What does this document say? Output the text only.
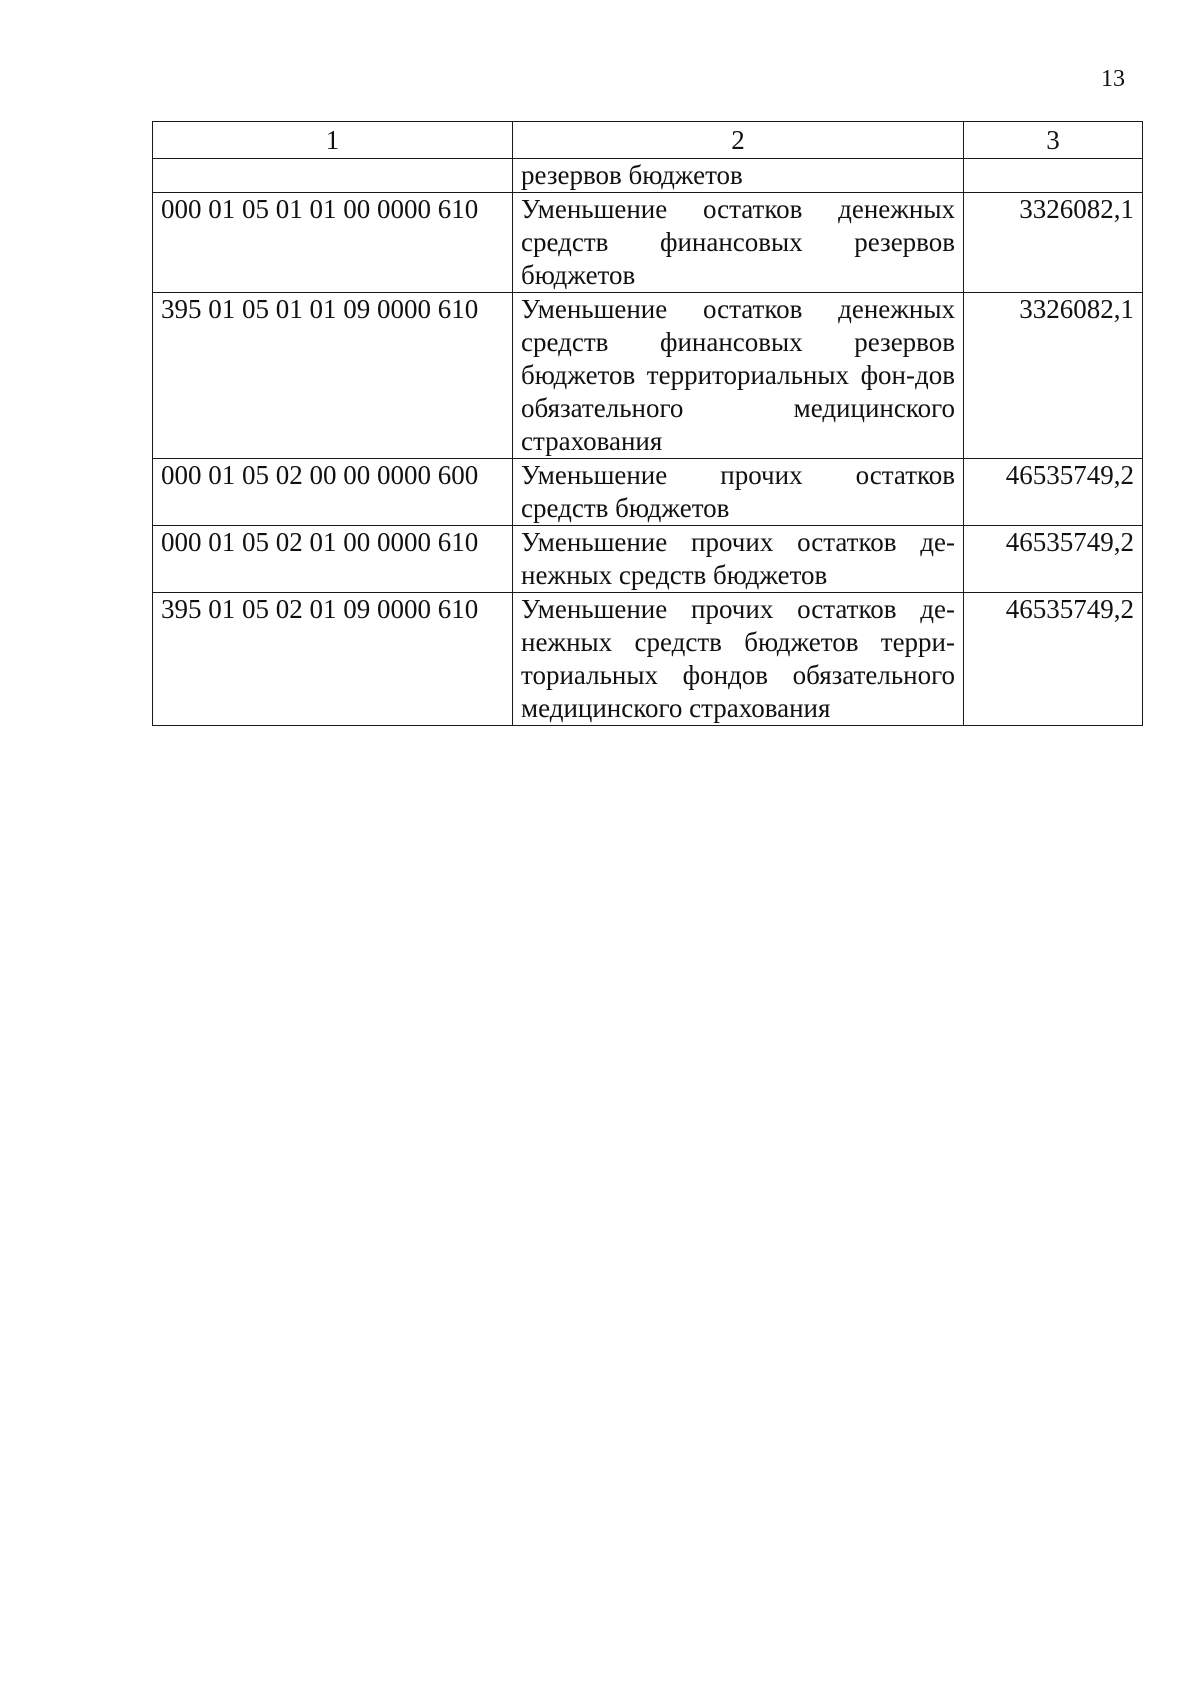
13
1	2	3
	резервов бюджетов	
000 01 05 01 01 00 0000 610	Уменьшение остатков денежных средств финансовых резервов бюджетов	3326082,1
395 01 05 01 01 09 0000 610	Уменьшение остатков денежных средств финансовых резервов бюджетов территориальных фон-дов обязательного медицинского страхования	3326082,1
000 01 05 02 00 00 0000 600	Уменьшение прочих остатков средств бюджетов	46535749,2
000 01 05 02 01 00 0000 610	Уменьшение прочих остатков де-нежных средств бюджетов	46535749,2
395 01 05 02 01 09 0000 610	Уменьшение прочих остатков де-нежных средств бюджетов терри-ториальных фондов обязательного медицинского страхования	46535749,2
